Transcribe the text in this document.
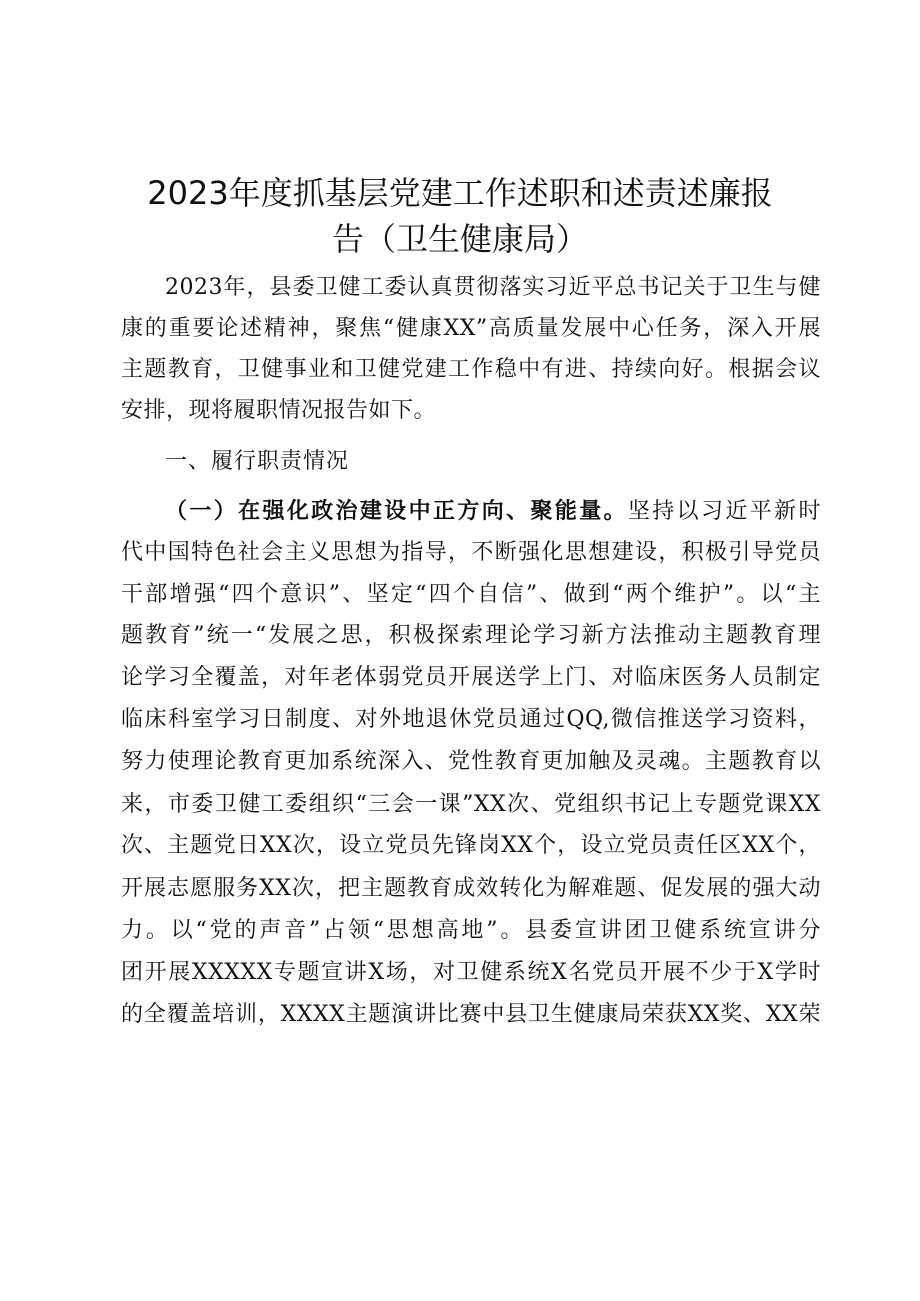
2023年度抓基层党建工作述职和述责述廉报
告（卫生健康局）
2023年，县委卫健工委认真贯彻落实习近平总书记关于卫生与健
康的重要论述精神，聚焦“健康XX”高质量发展中心任务，深入开展
主题教育，卫健事业和卫健党建工作稳中有进、持续向好。根据会议
安排，现将履职情况报告如下。
一、履行职责情况
（一）在强化政治建设中正方向、聚能量。坚持以习近平新时
代中国特色社会主义思想为指导，不断强化思想建设，积极引导党员
干部增强“四个意识”、坚定“四个自信”、做到“两个维护”。以“主
题教育”统一“发展之思，积极探索理论学习新方法推动主题教育理
论学习全覆盖，对年老体弱党员开展送学上门、对临床医务人员制定
临床科室学习日制度、对外地退休党员通过QQ,微信推送学习资料，
努力使理论教育更加系统深入、党性教育更加触及灵魂。主题教育以
来，市委卫健工委组织“三会一课”XX次、党组织书记上专题党课XX
次、主题党日XX次，设立党员先锋岗XX个，设立党员责任区XX个，
开展志愿服务XX次，把主题教育成效转化为解难题、促发展的强大动
力。以“党的声音”占领“思想高地”。县委宣讲团卫健系统宣讲分
团开展XXXXX专题宣讲X场，对卫健系统X名党员开展不少于X学时
的全覆盖培训，XXXX主题演讲比赛中县卫生健康局荣获XX奖、XX荣
